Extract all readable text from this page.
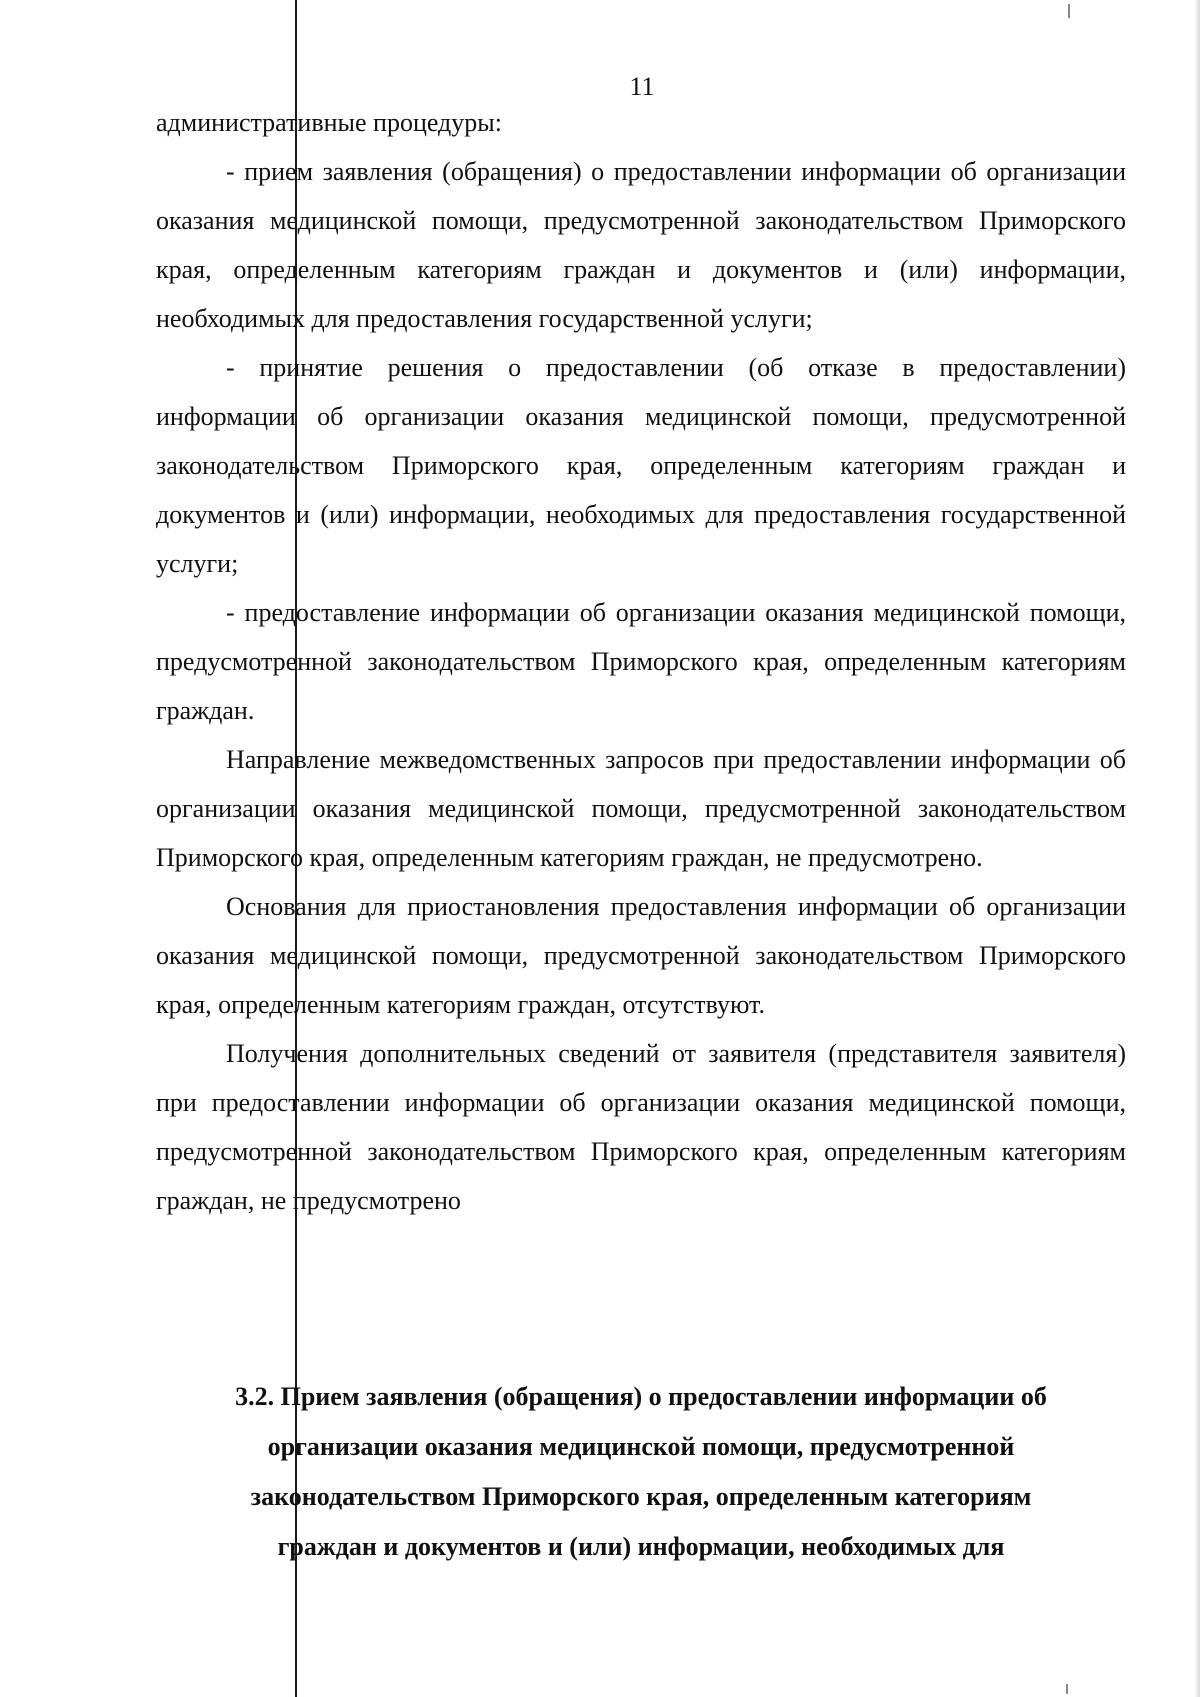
11

административные процедуры:

- прием заявления (обращения) о предоставлении информации об организации оказания медицинской помощи, предусмотренной законодательством Приморского края, определенным категориям граждан и документов и (или) информации, необходимых для предоставления государственной услуги;

- принятие решения о предоставлении (об отказе в предоставлении) информации об организации оказания медицинской помощи, предусмотренной законодательством Приморского края, определенным категориям граждан и документов и (или) информации, необходимых для предоставления государственной услуги;

- предоставление информации об организации оказания медицинской помощи, предусмотренной законодательством Приморского края, определенным категориям граждан.

Направление межведомственных запросов при предоставлении информации об организации оказания медицинской помощи, предусмотренной законодательством Приморского края, определенным категориям граждан, не предусмотрено.

Основания для приостановления предоставления информации об организации оказания медицинской помощи, предусмотренной законодательством Приморского края, определенным категориям граждан, отсутствуют.

Получения дополнительных сведений от заявителя (представителя заявителя) при предоставлении информации об организации оказания медицинской помощи, предусмотренной законодательством Приморского края, определенным категориям граждан, не предусмотрено

3.2. Прием заявления (обращения) о предоставлении информации об
организации оказания медицинской помощи, предусмотренной
законодательством Приморского края, определенным категориям
граждан и документов и (или) информации, необходимых для
